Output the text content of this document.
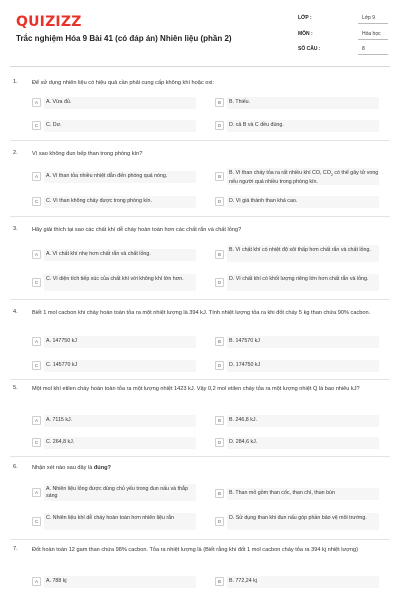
QUIZIZZ
Trắc nghiệm Hóa 9 Bài 41 (có đáp án) Nhiên liệu (phần 2)
LỚP :	Lớp 9
MÔN :	Hóa học
SỐ CÂU :	8
1.	Để sử dụng nhiên liệu có hiệu quả cần phải cung cấp không khí hoặc oxi:
A	A. Vừa đủ.	B	B. Thiếu.
C	C. Dư.	D	D. cả B và C đều đúng.
2.	Vì sao không đun bếp than trong phòng kín?
A	A. Vì than tỏa nhiều nhiệt dẫn đến phòng quá nóng.	B
B. Vì than cháy tỏa ra rất nhiều khí CO, $CO_2$ có thể gây tử vong nếu người quá nhiều trong phòng kín.
C	C. Vì than không cháy được trong phòng kín.	D	D. Vì giá thành than khá cao.
3.	Hãy giải thích tại sao các chất khí dễ cháy hoàn toàn hơn các chất rắn và chất lỏng?
A	A. Vì chất khí nhẹ hơn chất rắn và chất lỏng.	B
B. Vì chất khí có nhiệt độ sôi thấp hơn chất rắn và chất lỏng.
C
C. Vì diện tích tiếp xúc của chất khí với không khí lớn hơn.
D
D. Vì chất khí có khối lượng riêng lớn hơn chất rắn và lỏng.
4.	Biết 1 mol cacbon khi cháy hoàn toàn tỏa ra một nhiệt lượng là 394 kJ. Tính nhiệt lượng tỏa ra khi đốt cháy 5 kg than chứa 90% cacbon.
A	A. 147750 kJ	B	B. 147570 kJ
C	C. 145770 kJ	D	D. 174750 kJ
5.	Một mol khí etilen cháy hoàn toàn tỏa ra một lượng nhiệt 1423 kJ. Vậy 0,2 mol etilen cháy tỏa ra một lượng nhiệt Q là bao nhiêu kJ?
A	A. 7115 kJ.	B	B. 246,8 kJ.
C	C. 264,8 kJ.	D	D. 284,6 kJ.
6.	Nhận xét nào sau đây là đúng?
A
A. Nhiên liệu lỏng được dùng chủ yếu trong đun nấu và thắp sáng	B	B. Than mỏ gồm than cốc, than chì, than bùn
C
C. Nhiên liệu khí dễ cháy hoàn toàn hơn nhiên liệu rắn
D
D. Sử dụng than khi đun nấu góp phần bảo vệ môi trường.
7.	Đốt hoàn toàn 12 gam than chứa 98% cacbon. Tỏa ra nhiệt lượng là (Biết rằng khi đốt 1 mol cacbon cháy tỏa ra 394 kj nhiệt lượng)
A	A. 788 kj	B	B. 772,24 kj
